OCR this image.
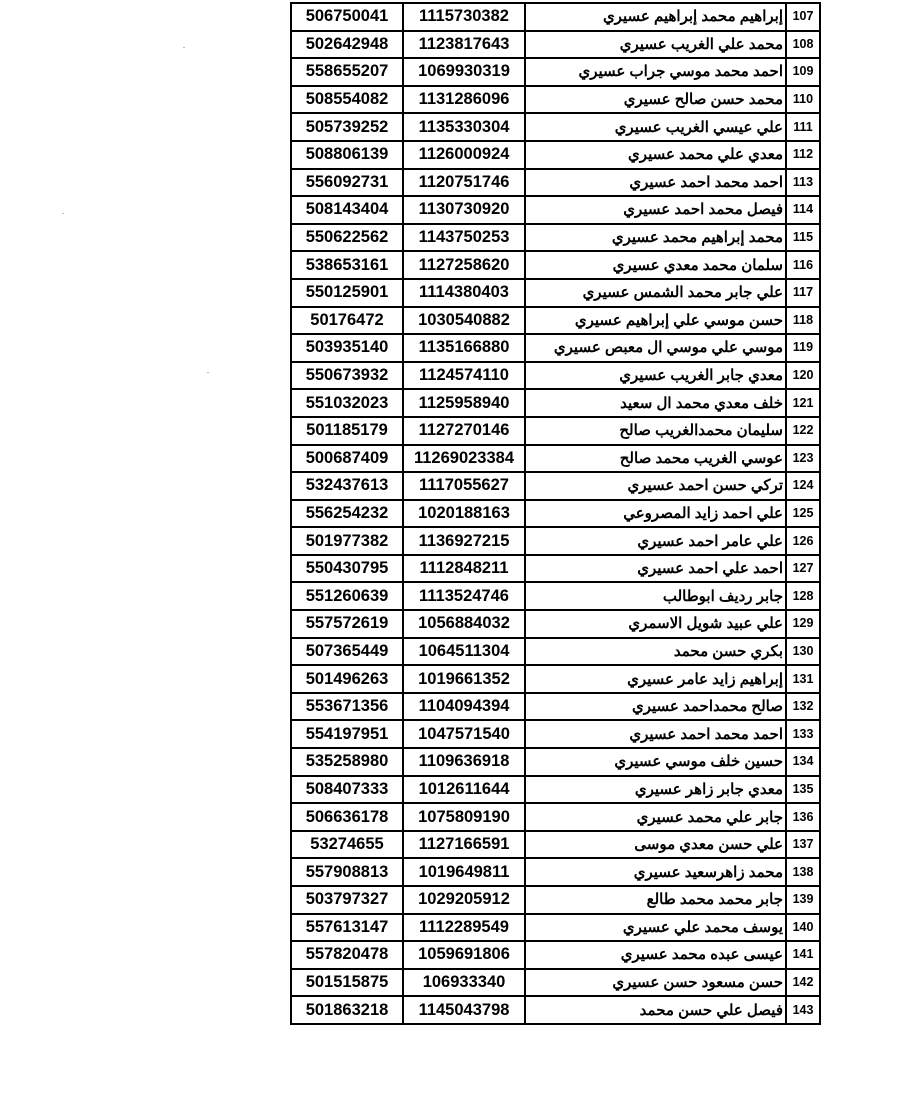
506750041	1115730382	إبراهيم محمد إبراهيم عسيري	107
502642948	1123817643	محمد علي الغريب عسيري	108
558655207	1069930319	احمد محمد موسي جراب عسيري	109
508554082	1131286096	محمد حسن صالح عسيري	110
505739252	1135330304	علي عيسي الغريب عسيري	111
508806139	1126000924	معدي علي محمد عسيري	112
556092731	1120751746	احمد محمد احمد عسيري	113
508143404	1130730920	فيصل محمد احمد عسيري	114
550622562	1143750253	محمد إبراهيم محمد عسيري	115
538653161	1127258620	سلمان محمد معدي عسيري	116
550125901	1114380403	علي جابر محمد الشمس عسيري	117
50176472	1030540882	حسن موسي علي إبراهيم عسيري	118
503935140	1135166880	موسي علي موسي ال معبص عسيري	119
550673932	1124574110	معدي جابر الغريب عسيري	120
551032023	1125958940	خلف معدي محمد ال سعيد	121
501185179	1127270146	سليمان محمدالغريب صالح	122
500687409	11269023384	عوسي الغريب محمد صالح	123
532437613	1117055627	تركي حسن احمد عسيري	124
556254232	1020188163	علي احمد زايد المصروعي	125
501977382	1136927215	علي عامر احمد عسيري	126
550430795	1112848211	احمد علي احمد عسيري	127
551260639	1113524746	جابر رديف ابوطالب	128
557572619	1056884032	علي عبيد شويل الاسمري	129
507365449	1064511304	بكري حسن محمد	130
501496263	1019661352	إبراهيم زايد عامر عسيري	131
553671356	1104094394	صالح محمداحمد عسيري	132
554197951	1047571540	احمد محمد احمد عسيري	133
535258980	1109636918	حسين خلف موسي عسيري	134
508407333	1012611644	معدي جابر زاهر عسيري	135
506636178	1075809190	جابر علي محمد عسيري	136
53274655	1127166591	علي حسن معدي موسى	137
557908813	1019649811	محمد زاهرسعيد عسيري	138
503797327	1029205912	جابر محمد محمد طالع	139
557613147	1112289549	يوسف محمد علي عسيري	140
557820478	1059691806	عيسى عبده محمد عسيري	141
501515875	106933340	حسن مسعود حسن عسيري	142
501863218	1145043798	فيصل علي حسن محمد	143
